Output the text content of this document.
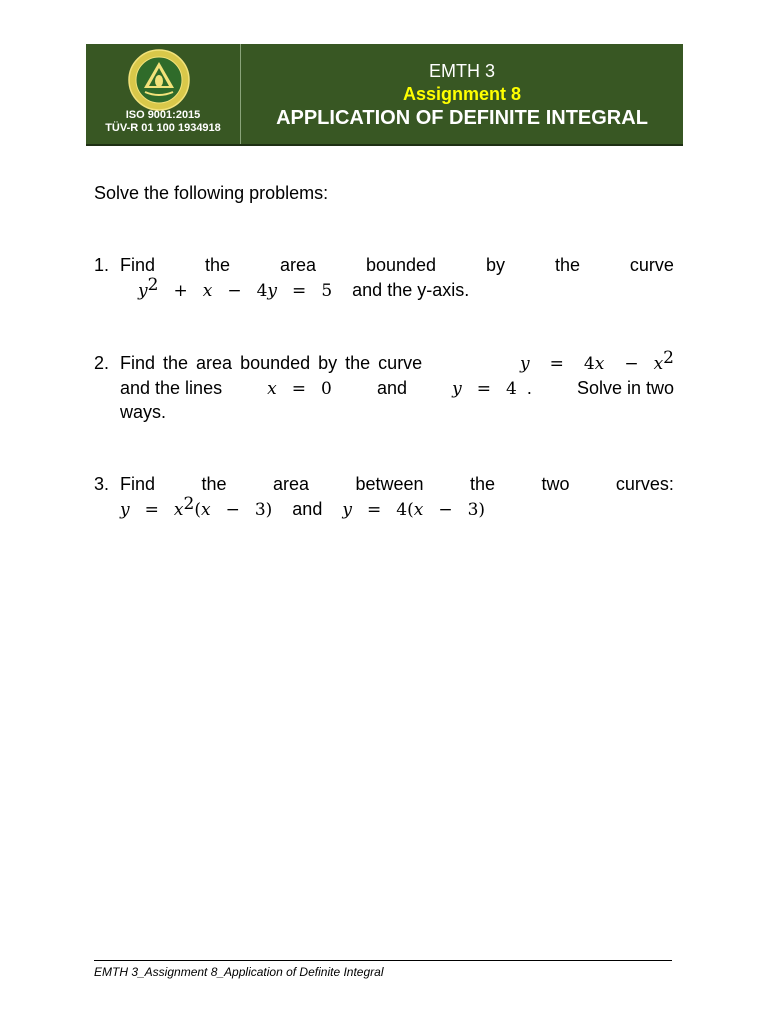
ISO 9001:2015
TÜV-R 01 100 1934918
EMTH 3
Assignment 8
APPLICATION OF DEFINITE INTEGRAL
Solve the following problems:
1. Find	the	area	bounded	by	the	curve
$y^2 + x - 4y = 5$ and the y-axis.
2. Find the area bounded by the curve	$y = 4x - x^2$
and the lines	x = 0	and	y = 4  .	Solve in two
ways.
3. Find	the	area	between	the	two	curves:
$y = x^2(x - 3)$ and y = 4(x − 3)
EMTH 3_Assignment 8_Application of Definite Integral
